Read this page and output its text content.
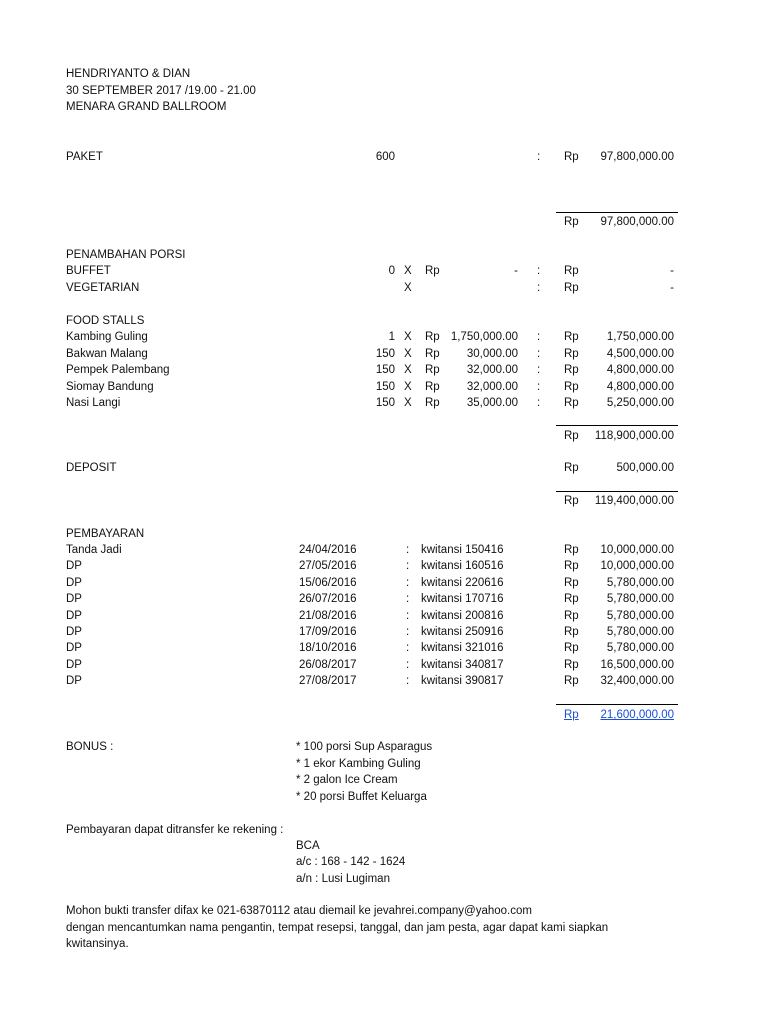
HENDRIYANTO & DIAN
30 SEPTEMBER 2017 /19.00 - 21.00
MENARA GRAND BALLROOM
PAKET	600	: Rp	97,800,000.00
Rp	97,800,000.00
PENAMBAHAN PORSI
BUFFET	0 X Rp	- : Rp	-
VEGETARIAN	X	: Rp	-
FOOD STALLS
Kambing Guling	1 X Rp 1,750,000.00 : Rp	1,750,000.00
Bakwan Malang	150 X Rp	30,000.00 : Rp	4,500,000.00
Pempek Palembang	150 X Rp	32,000.00 : Rp	4,800,000.00
Siomay Bandung	150 X Rp	32,000.00 : Rp	4,800,000.00
Nasi Langi	150 X Rp	35,000.00 : Rp	5,250,000.00
Rp	118,900,000.00
DEPOSIT	Rp	500,000.00
Rp	119,400,000.00
PEMBAYARAN
Tanda Jadi	24/04/2016	: kwitansi 150416	Rp	10,000,000.00
DP	27/05/2016	: kwitansi 160516	Rp	10,000,000.00
DP	15/06/2016	: kwitansi 220616	Rp	5,780,000.00
DP	26/07/2016	: kwitansi 170716	Rp	5,780,000.00
DP	21/08/2016	: kwitansi 200816	Rp	5,780,000.00
DP	17/09/2016	: kwitansi 250916	Rp	5,780,000.00
DP	18/10/2016	: kwitansi 321016	Rp	5,780,000.00
DP	26/08/2017	: kwitansi 340817	Rp	16,500,000.00
DP	27/08/2017	: kwitansi 390817	Rp	32,400,000.00
Rp	21,600,000.00
BONUS :	* 100 porsi Sup Asparagus
* 1 ekor Kambing Guling
* 2 galon Ice Cream
* 20 porsi Buffet Keluarga
Pembayaran dapat ditransfer ke rekening :
BCA
a/c : 168 - 142 - 1624
a/n : Lusi Lugiman
Mohon bukti transfer difax ke 021-63870112 atau diemail ke jevahrei.company@yahoo.com
dengan mencantumkan nama pengantin, tempat resepsi, tanggal, dan jam pesta, agar dapat kami siapkan
kwitansinya.
